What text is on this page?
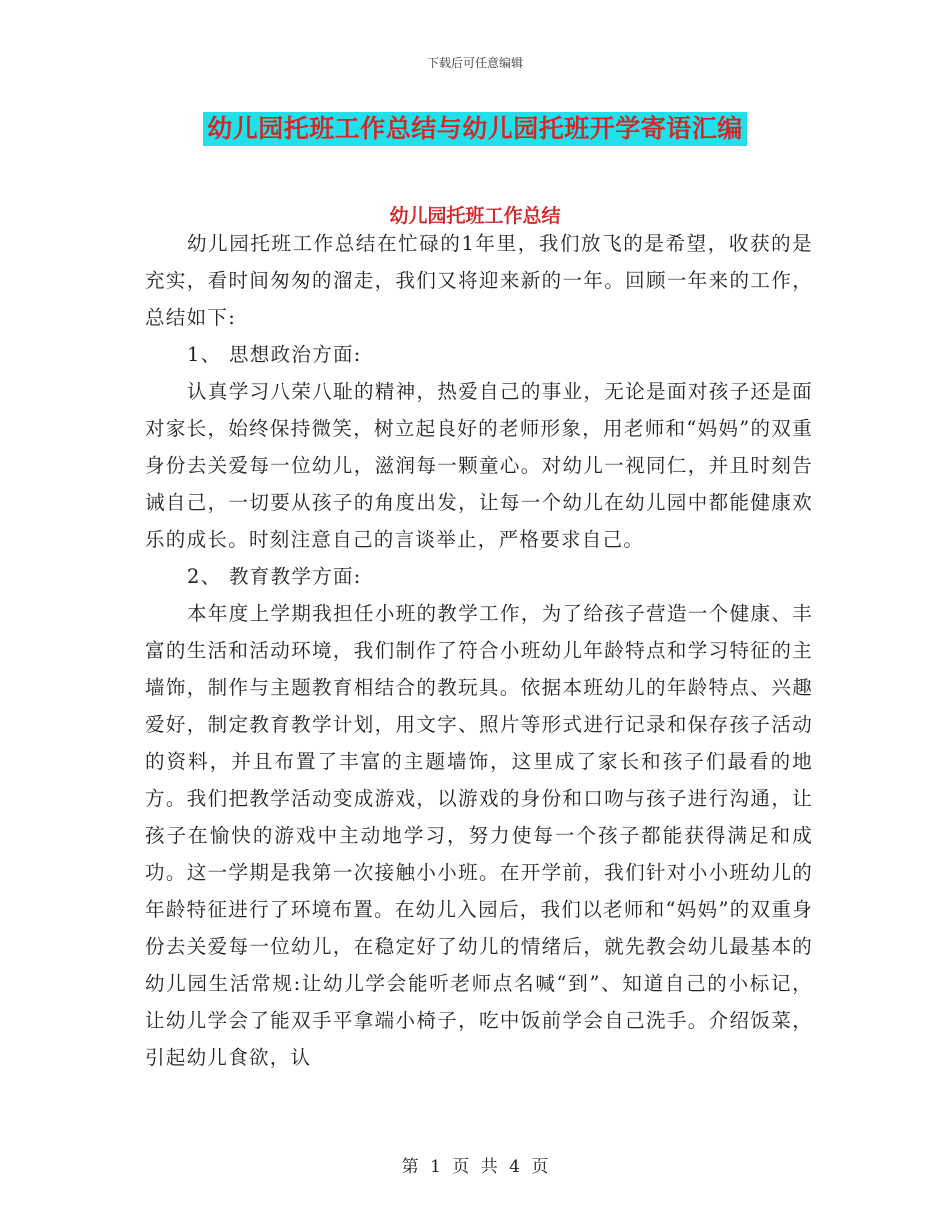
下载后可任意编辑
幼儿园托班工作总结与幼儿园托班开学寄语汇编
幼儿园托班工作总结

幼儿园托班工作总结在忙碌的1年里，我们放飞的是希望，收获的是充实，看时间匆匆的溜走，我们又将迎来新的一年。回顾一年来的工作，总结如下:

1、 思想政治方面:

认真学习八荣八耻的精神，热爱自己的事业，无论是面对孩子还是面对家长，始终保持微笑，树立起良好的老师形象，用老师和“妈妈”的双重身份去关爱每一位幼儿，滋润每一颗童心。对幼儿一视同仁，并且时刻告诫自己，一切要从孩子的角度出发，让每一个幼儿在幼儿园中都能健康欢乐的成长。时刻注意自己的言谈举止，严格要求自己。

2、 教育教学方面:

本年度上学期我担任小班的教学工作，为了给孩子营造一个健康、丰富的生活和活动环境，我们制作了符合小班幼儿年龄特点和学习特征的主墙饰，制作与主题教育相结合的教玩具。依据本班幼儿的年龄特点、兴趣爱好，制定教育教学计划，用文字、照片等形式进行记录和保存孩子活动的资料，并且布置了丰富的主题墙饰，这里成了家长和孩子们最看的地方。我们把教学活动变成游戏，以游戏的身份和口吻与孩子进行沟通，让孩子在愉快的游戏中主动地学习，努力使每一个孩子都能获得满足和成功。这一学期是我第一次接触小小班。在开学前，我们针对小小班幼儿的年龄特征进行了环境布置。在幼儿入园后，我们以老师和“妈妈”的双重身份去关爱每一位幼儿，在稳定好了幼儿的情绪后，就先教会幼儿最基本的幼儿园生活常规:让幼儿学会能听老师点名喊“到”、知道自己的小标记，让幼儿学会了能双手平拿端小椅子，吃中饭前学会自己洗手。介绍饭菜，引起幼儿食欲，认

第 1 页 共 4 页
